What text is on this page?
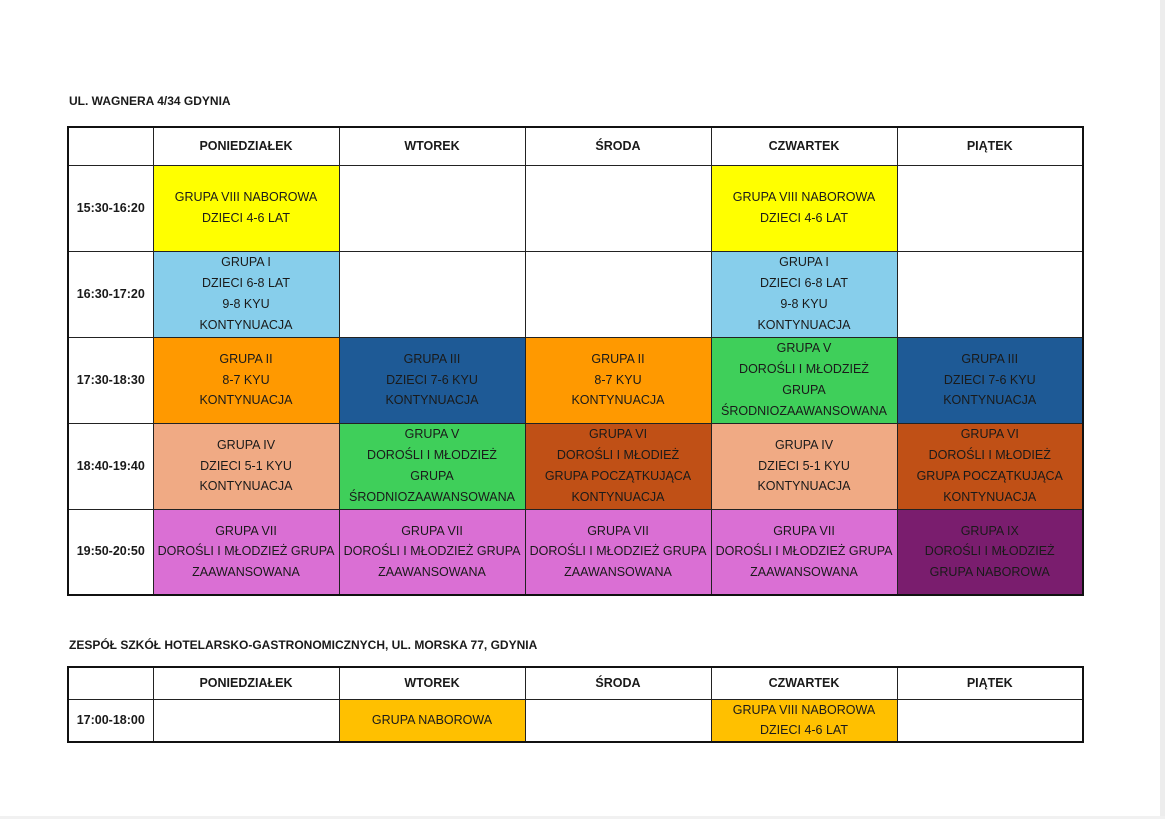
UL. WAGNERA 4/34 GDYNIA
	PONIEDZIAŁEK	WTOREK	ŚRODA	CZWARTEK	PIĄTEK
15:30-16:20	GRUPA VIII NABOROWA
DZIECI 4-6 LAT			GRUPA VIII NABOROWA
DZIECI 4-6 LAT	

16:30-17:20	GRUPA I
DZIECI 6-8 LAT
9-8 KYU
KONTYNUACJA			GRUPA I
DZIECI 6-8 LAT
9-8 KYU
KONTYNUACJA	

17:30-18:30	GRUPA II
8-7 KYU
KONTYNUACJA	GRUPA III
DZIECI 7-6 KYU
KONTYNUACJA	GRUPA II
8-7 KYU
KONTYNUACJA	GRUPA V
DOROŚLI I MŁODZIEŻ
GRUPA
ŚRODNIOZAAWANSOWANA	GRUPA III
DZIECI 7-6 KYU
KONTYNUACJA

18:40-19:40	GRUPA IV
DZIECI 5-1 KYU
KONTYNUACJA	GRUPA V
DOROŚLI I MŁODZIEŻ
GRUPA
ŚRODNIOZAAWANSOWANA	GRUPA VI
DOROŚLI I MŁODIEŻ
GRUPA POCZĄTKUJĄCA
KONTYNUACJA	GRUPA IV
DZIECI 5-1 KYU
KONTYNUACJA	GRUPA VI
DOROŚLI I MŁODIEŻ
GRUPA POCZĄTKUJĄCA
KONTYNUACJA

19:50-20:50	GRUPA VII
DOROŚLI I MŁODZIEŻ GRUPA
ZAAWANSOWANA	GRUPA VII
DOROŚLI I MŁODZIEŻ GRUPA
ZAAWANSOWANA	GRUPA VII
DOROŚLI I MŁODZIEŻ GRUPA
ZAAWANSOWANA	GRUPA VII
DOROŚLI I MŁODZIEŻ GRUPA
ZAAWANSOWANA	GRUPA IX
DOROŚLI I MŁODZIEŻ
GRUPA NABOROWA
ZESPÓŁ SZKÓŁ HOTELARSKO-GASTRONOMICZNYCH, UL. MORSKA 77, GDYNIA
	PONIEDZIAŁEK	WTOREK	ŚRODA	CZWARTEK	PIĄTEK
17:00-18:00		GRUPA NABOROWA		GRUPA VIII NABOROWA
DZIECI 4-6 LAT	
